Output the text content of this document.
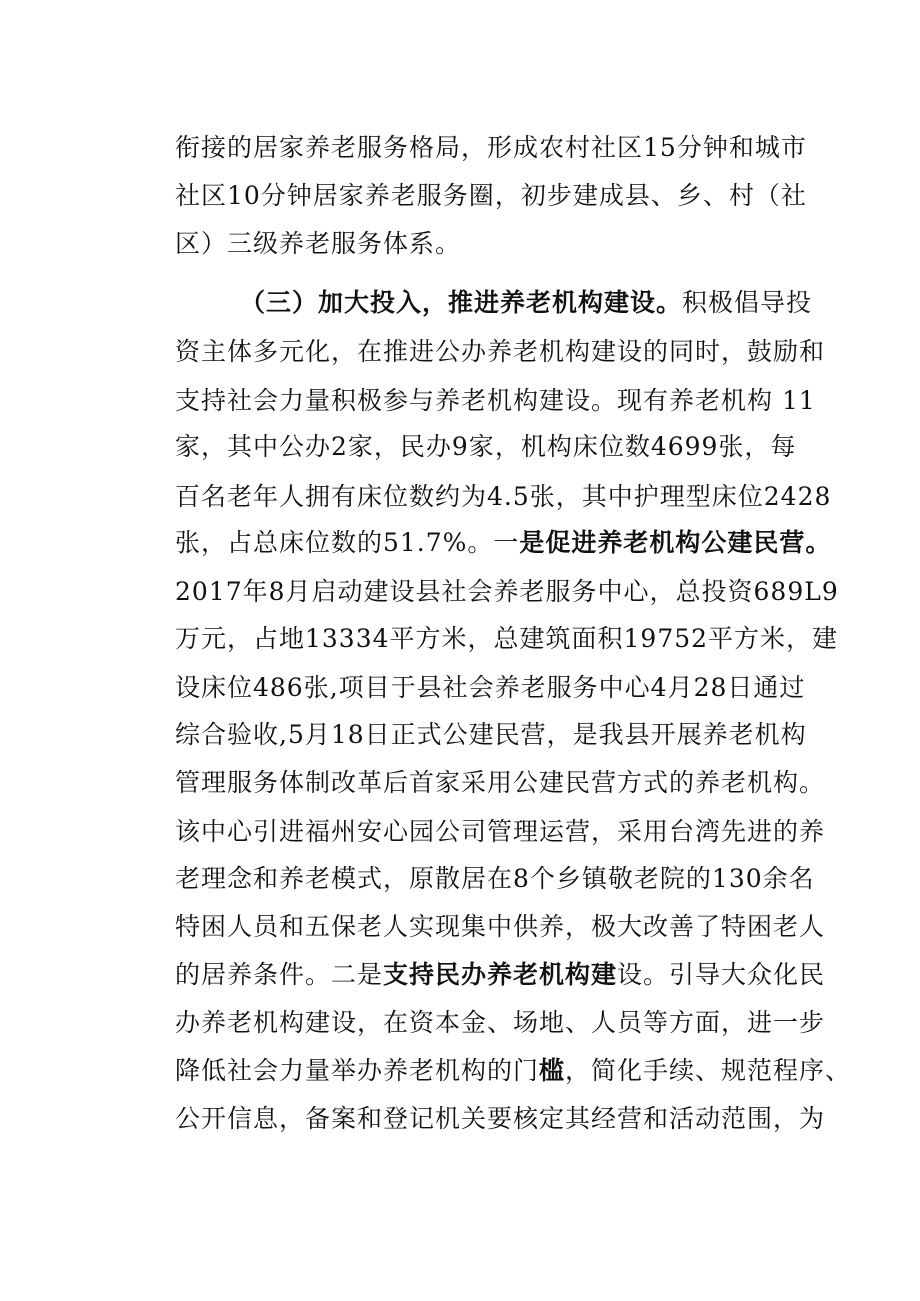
衔接的居家养老服务格局，形成农村社区15分钟和城市
社区10分钟居家养老服务圈，初步建成县、乡、村（社
区）三级养老服务体系。
（三）加大投入，推进养老机构建设。积极倡导投
资主体多元化，在推进公办养老机构建设的同时，鼓励和
支持社会力量积极参与养老机构建设。现有养老机构 11
家，其中公办2家，民办9家，机构床位数4699张，每
百名老年人拥有床位数约为4.5张，其中护理型床位2428
张，占总床位数的51.7%。一是促进养老机构公建民营。
2017年8月启动建设县社会养老服务中心，总投资689L9
万元，占地13334平方米，总建筑面积19752平方米，建
设床位486张,项目于县社会养老服务中心4月28日通过
综合验收,5月18日正式公建民营，是我县开展养老机构
管理服务体制改革后首家采用公建民营方式的养老机构。
该中心引进福州安心园公司管理运营，采用台湾先进的养
老理念和养老模式，原散居在8个乡镇敬老院的130余名
特困人员和五保老人实现集中供养，极大改善了特困老人
的居养条件。二是支持民办养老机构建设。引导大众化民
办养老机构建设，在资本金、场地、人员等方面，进一步
降低社会力量举办养老机构的门槛，简化手续、规范程序、
公开信息，备案和登记机关要核定其经营和活动范围，为
